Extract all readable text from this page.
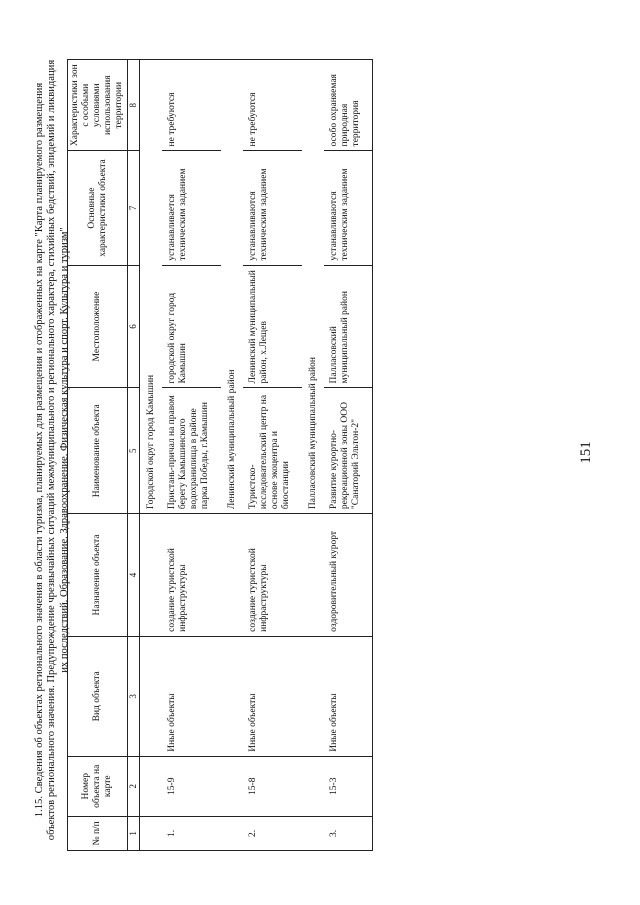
151

1.15. Сведения об объектах регионального значения в области туризма, планируемых для размещения и отображенных на карте "Карта планируемого размещения
объектов регионального значения. Предупреждение чрезвычайных ситуаций межмуниципального и регионального характера, стихийных бедствий, эпидемий и ликвидация
их последствий. Образование. Здравоохранение. Физическая культура и спорт. Культура и туризм"

№ п/п	Номер объекта на карте	Вид объекта	Назначение объекта	Наименование объекта	Местоположение	Основные характеристики объекта	Характеристики зон с особыми условиями использования территории
1	2	3	4	5	6	7	8
				Городской округ город Камышин			
1.	15-9	Иные объекты	создание туристской инфраструктуры	Пристань-причал на правом берегу Камышинского водохранилища в районе парка Победы, г.Камышин	городской округ город Камышин	устанавливается техническим заданием	не требуются
				Ленинский муниципальный район			
2.	15-8	Иные объекты	создание туристской инфраструктуры	Туристско-исследовательский центр на основе экоцентра и биостанции	Ленинский муниципальный район, х.Лещев	устанавливаются техническим заданием	не требуются
				Палласовский муниципальный район			
3.	15-3	Иные объекты	оздоровительный курорт	Развитие курортно-рекреационной зоны ООО "Санаторий Эльтон-2"	Палласовский муниципальный район	устанавливаются техническим заданием	особо охраняемая природная территория
